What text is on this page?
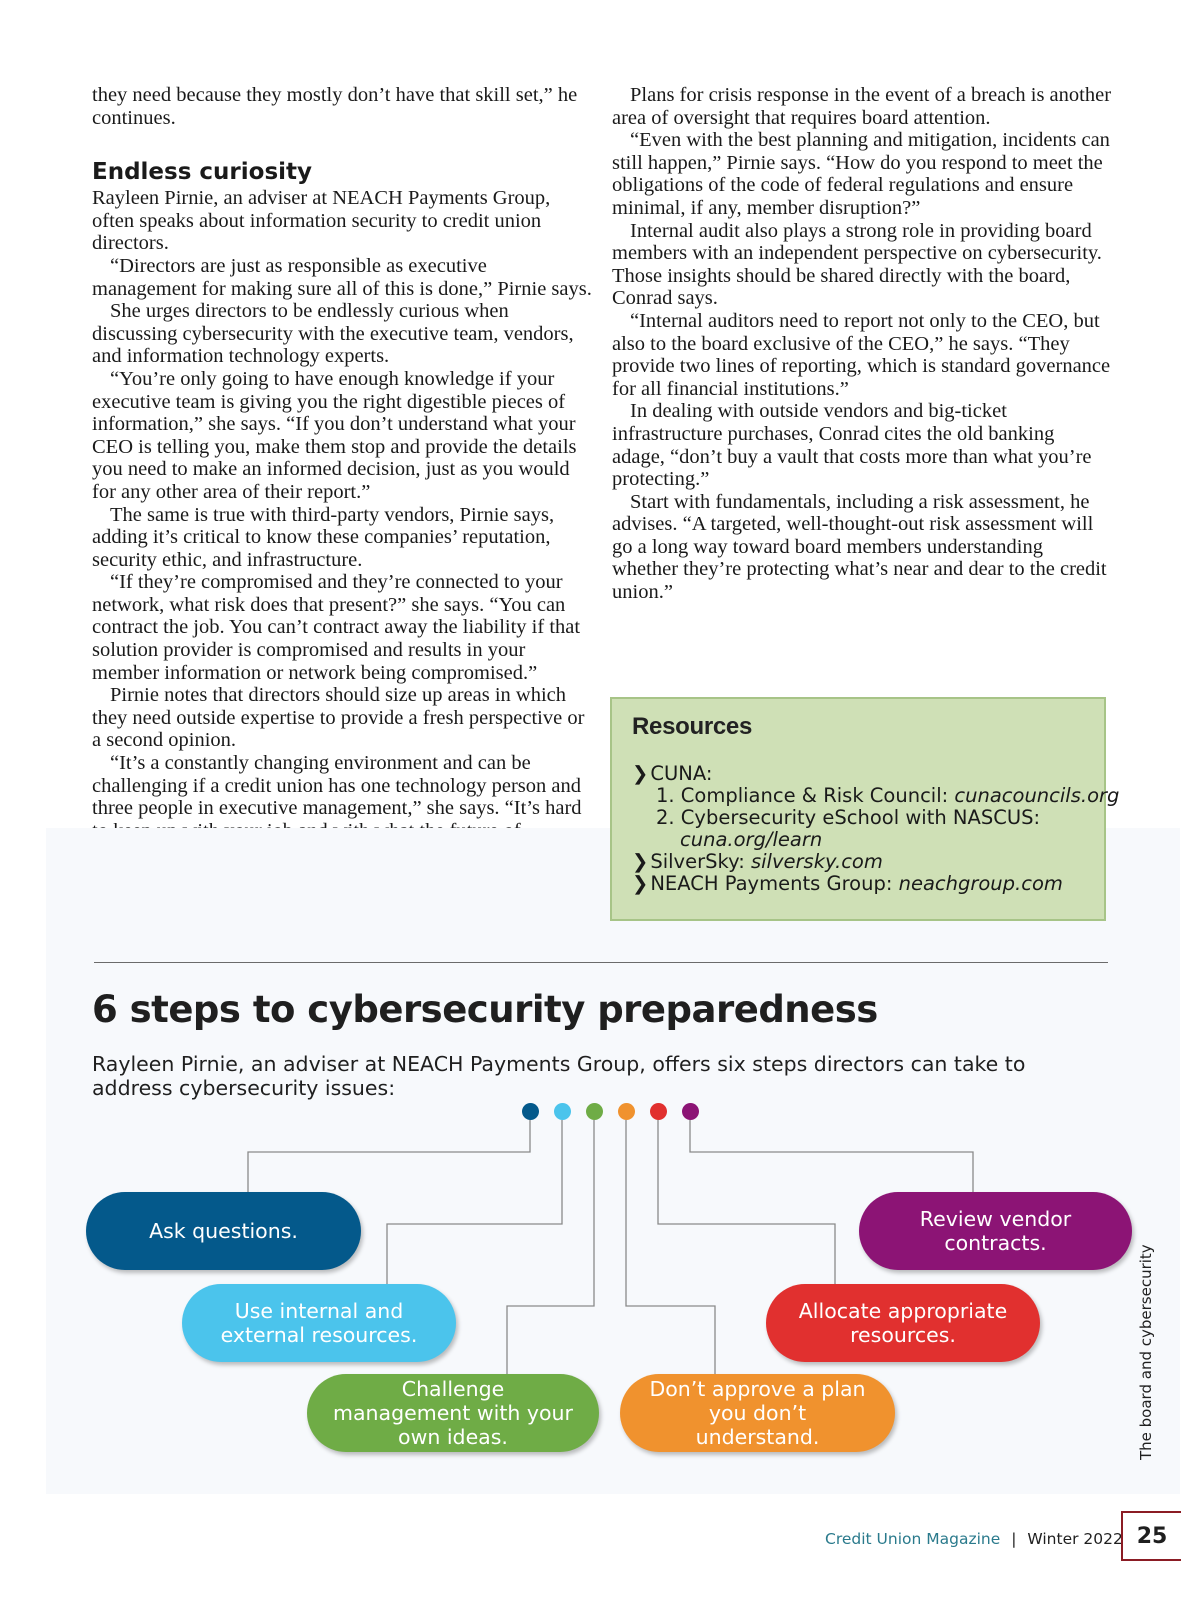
they need because they mostly don’t have that skill set,” he continues.

Endless curiosity

Rayleen Pirnie, an adviser at NEACH Payments Group, often speaks about information security to credit union directors.

“Directors are just as responsible as executive management for making sure all of this is done,” Pirnie says.

She urges directors to be endlessly curious when discussing cybersecurity with the executive team, vendors, and information technology experts.

“You’re only going to have enough knowledge if your executive team is giving you the right digestible pieces of information,” she says. “If you don’t understand what your CEO is telling you, make them stop and provide the details you need to make an informed decision, just as you would for any other area of their report.”

The same is true with third-party vendors, Pirnie says, adding it’s critical to know these companies’ reputation, security ethic, and infrastructure.

“If they’re compromised and they’re connected to your network, what risk does that present?” she says. “You can contract the job. You can’t contract away the liability if that solution provider is compromised and results in your member information or network being compromised.”

Pirnie notes that directors should size up areas in which they need outside expertise to provide a fresh perspective or a second opinion.

“It’s a constantly changing environment and can be challenging if a credit union has one technology person and three people in executive management,” she says. “It’s hard

Plans for crisis response in the event of a breach is another area of oversight that requires board attention.

“Even with the best planning and mitigation, incidents can still happen,” Pirnie says. “How do you respond to meet the obligations of the code of federal regulations and ensure minimal, if any, member disruption?”

Internal audit also plays a strong role in providing board members with an independent perspective on cybersecurity. Those insights should be shared directly with the board, Conrad says.

“Internal auditors need to report not only to the CEO, but also to the board exclusive of the CEO,” he says. “They provide two lines of reporting, which is standard governance for all financial institutions.”

In dealing with outside vendors and big-ticket infrastructure purchases, Conrad cites the old banking adage, “don’t buy a vault that costs more than what you’re protecting.”

Start with fundamentals, including a risk assessment, he advises. “A targeted, well-thought-out risk assessment will go a long way toward board members understanding whether they’re protecting what’s near and dear to the credit union.”

Resources
❯ CUNA:
1. Compliance & Risk Council: cunacouncils.org
2. Cybersecurity eSchool with NASCUS:
cuna.org/learn
❯ SilverSky: silversky.com
❯ NEACH Payments Group: neachgroup.com
6 steps to cybersecurity preparedness
Rayleen Pirnie, an adviser at NEACH Payments Group, offers six steps directors can take to address cybersecurity issues:
Ask questions.
Use internal and external resources.
Challenge management with your own ideas.
Don’t approve a plan you don’t understand.
Allocate appropriate resources.
Review vendor contracts.
The board and cybersecurity
Credit Union Magazine | Winter 2022 25
